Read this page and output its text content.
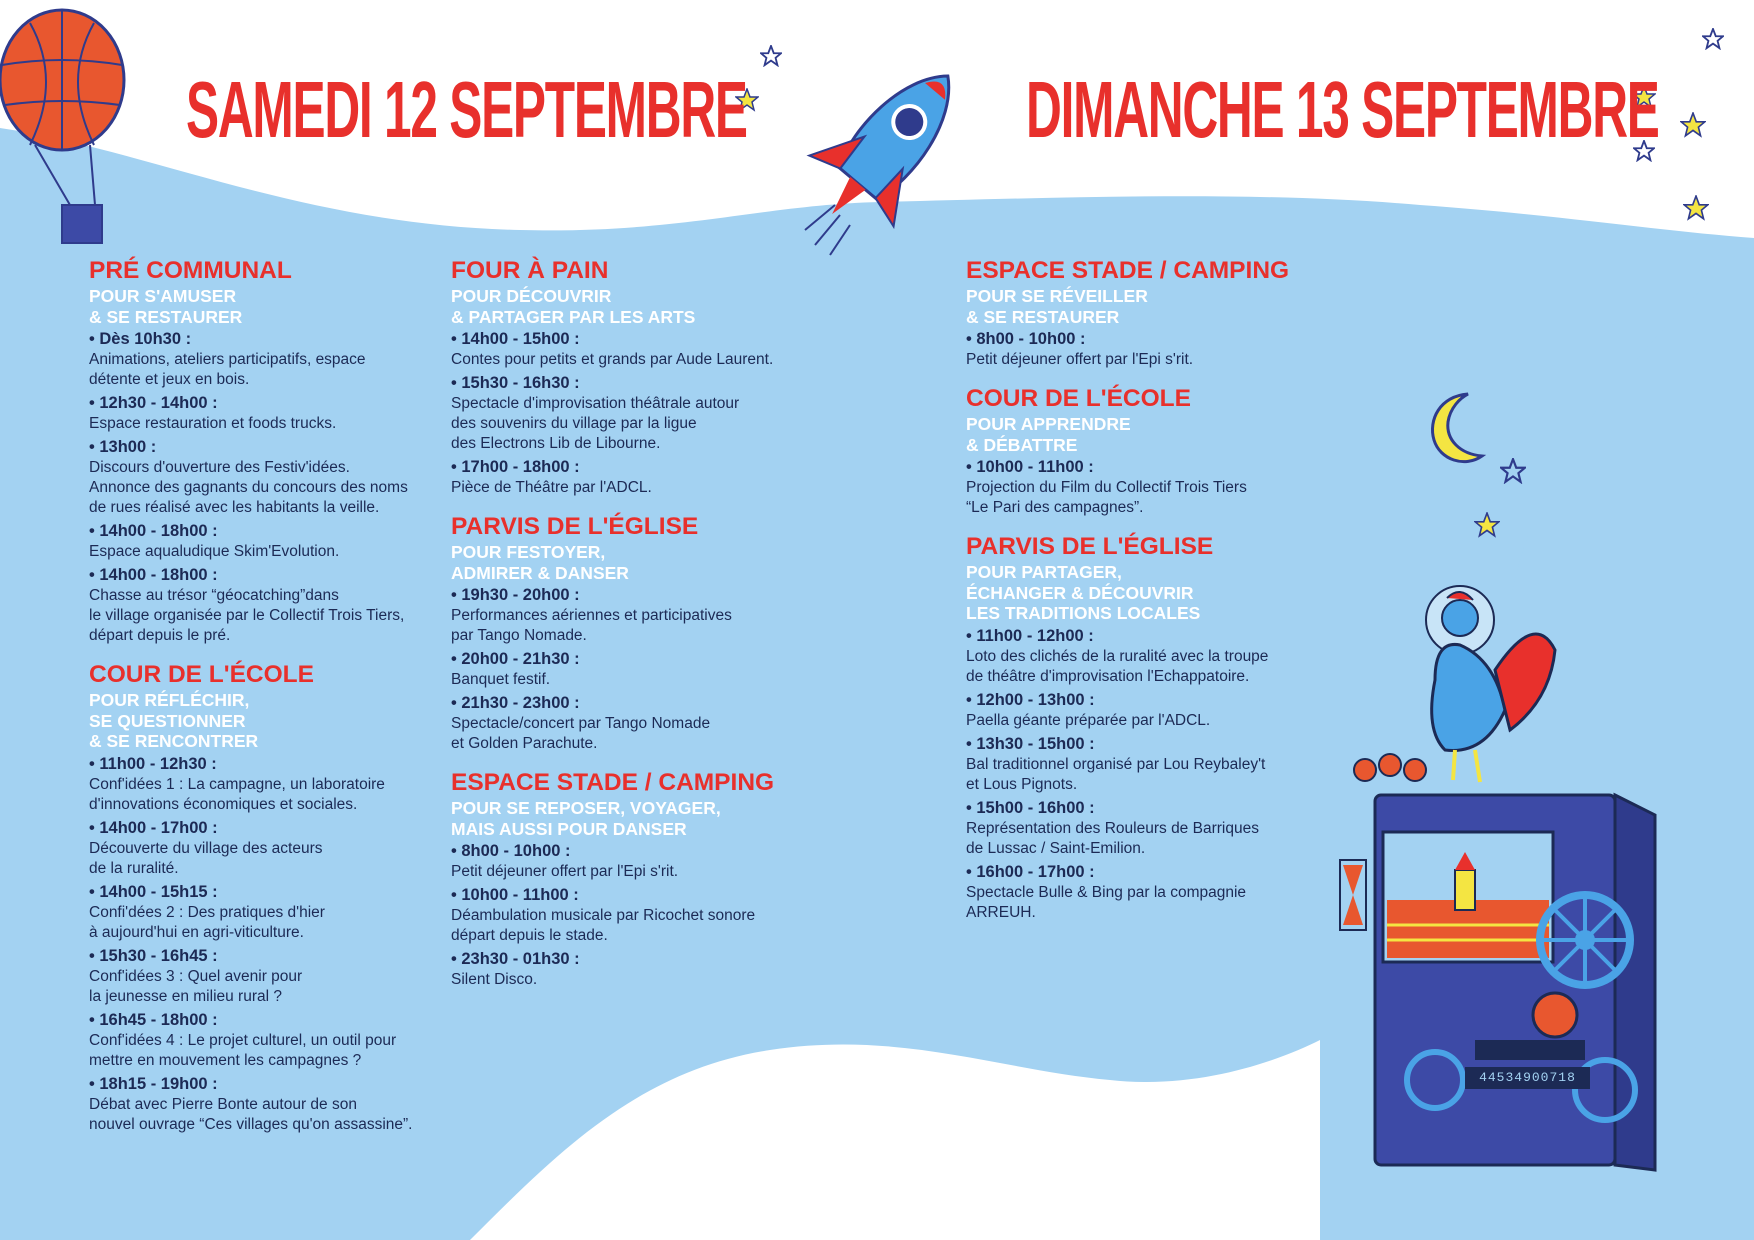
44534900718
SAMEDI 12 SEPTEMBRE	DIMANCHE 13 SEPTEMBRE
PRÉ COMMUNAL
POUR S'AMUSER
& SE RESTAURER
• Dès 10h30 :
Animations, ateliers participatifs, espace
détente et jeux en bois.
• 12h30 - 14h00 :
Espace restauration et foods trucks.
• 13h00 :
Discours d'ouverture des Festiv'idées.
Annonce des gagnants du concours des noms
de rues réalisé avec les habitants la veille.
• 14h00 - 18h00 :
Espace aqualudique Skim'Evolution.
• 14h00 - 18h00 :
Chasse au trésor “géocatching”dans
le village organisée par le Collectif Trois Tiers,
départ depuis le pré.
COUR DE L'ÉCOLE
POUR RÉFLÉCHIR,
SE QUESTIONNER
& SE RENCONTRER
• 11h00 - 12h30 :
Conf'idées 1 : La campagne, un laboratoire
d'innovations économiques et sociales.
• 14h00 - 17h00 :
Découverte du village des acteurs
de la ruralité.
• 14h00 - 15h15 :
Confi'dées 2 : Des pratiques d'hier
à aujourd'hui en agri-viticulture.
• 15h30 - 16h45 :
Conf'idées 3 : Quel avenir pour
la jeunesse en milieu rural ?
• 16h45 - 18h00 :
Conf'idées 4 : Le projet culturel, un outil pour
mettre en mouvement les campagnes ?
• 18h15 - 19h00 :
Débat avec Pierre Bonte autour de son
nouvel ouvrage “Ces villages qu'on assassine”.
FOUR À PAIN
POUR DÉCOUVRIR
& PARTAGER PAR LES ARTS
• 14h00 - 15h00 :
Contes pour petits et grands par Aude Laurent.
• 15h30 - 16h30 :
Spectacle d'improvisation théâtrale autour
des souvenirs du village par la ligue
des Electrons Lib de Libourne.
• 17h00 - 18h00 :
Pièce de Théâtre par l'ADCL.
PARVIS DE L'ÉGLISE
POUR FESTOYER,
ADMIRER & DANSER
• 19h30 - 20h00 :
Performances aériennes et participatives
par Tango Nomade.
• 20h00 - 21h30 :
Banquet festif.
• 21h30 - 23h00 :
Spectacle/concert par Tango Nomade
et Golden Parachute.
ESPACE STADE / CAMPING
POUR SE REPOSER, VOYAGER,
MAIS AUSSI POUR DANSER
• 8h00 - 10h00 :
Petit déjeuner offert par l'Epi s'rit.
• 10h00 - 11h00 :
Déambulation musicale par Ricochet sonore
départ depuis le stade.
• 23h30 - 01h30 :
Silent Disco.
ESPACE STADE / CAMPING
POUR SE RÉVEILLER
& SE RESTAURER
• 8h00 - 10h00 :
Petit déjeuner offert par l'Epi s'rit.
COUR DE L'ÉCOLE
POUR APPRENDRE
& DÉBATTRE
• 10h00 - 11h00 :
Projection du Film du Collectif Trois Tiers
“Le Pari des campagnes”.
PARVIS DE L'ÉGLISE
POUR PARTAGER,
ÉCHANGER & DÉCOUVRIR
LES TRADITIONS LOCALES
• 11h00 - 12h00 :
Loto des clichés de la ruralité avec la troupe
de théâtre d'improvisation l'Echappatoire.
• 12h00 - 13h00 :
Paella géante préparée par l'ADCL.
• 13h30 - 15h00 :
Bal traditionnel organisé par Lou Reybaley't
et Lous Pignots.
• 15h00 - 16h00 :
Représentation des Rouleurs de Barriques
de Lussac / Saint-Emilion.
• 16h00 - 17h00 :
Spectacle Bulle & Bing par la compagnie
ARREUH.
